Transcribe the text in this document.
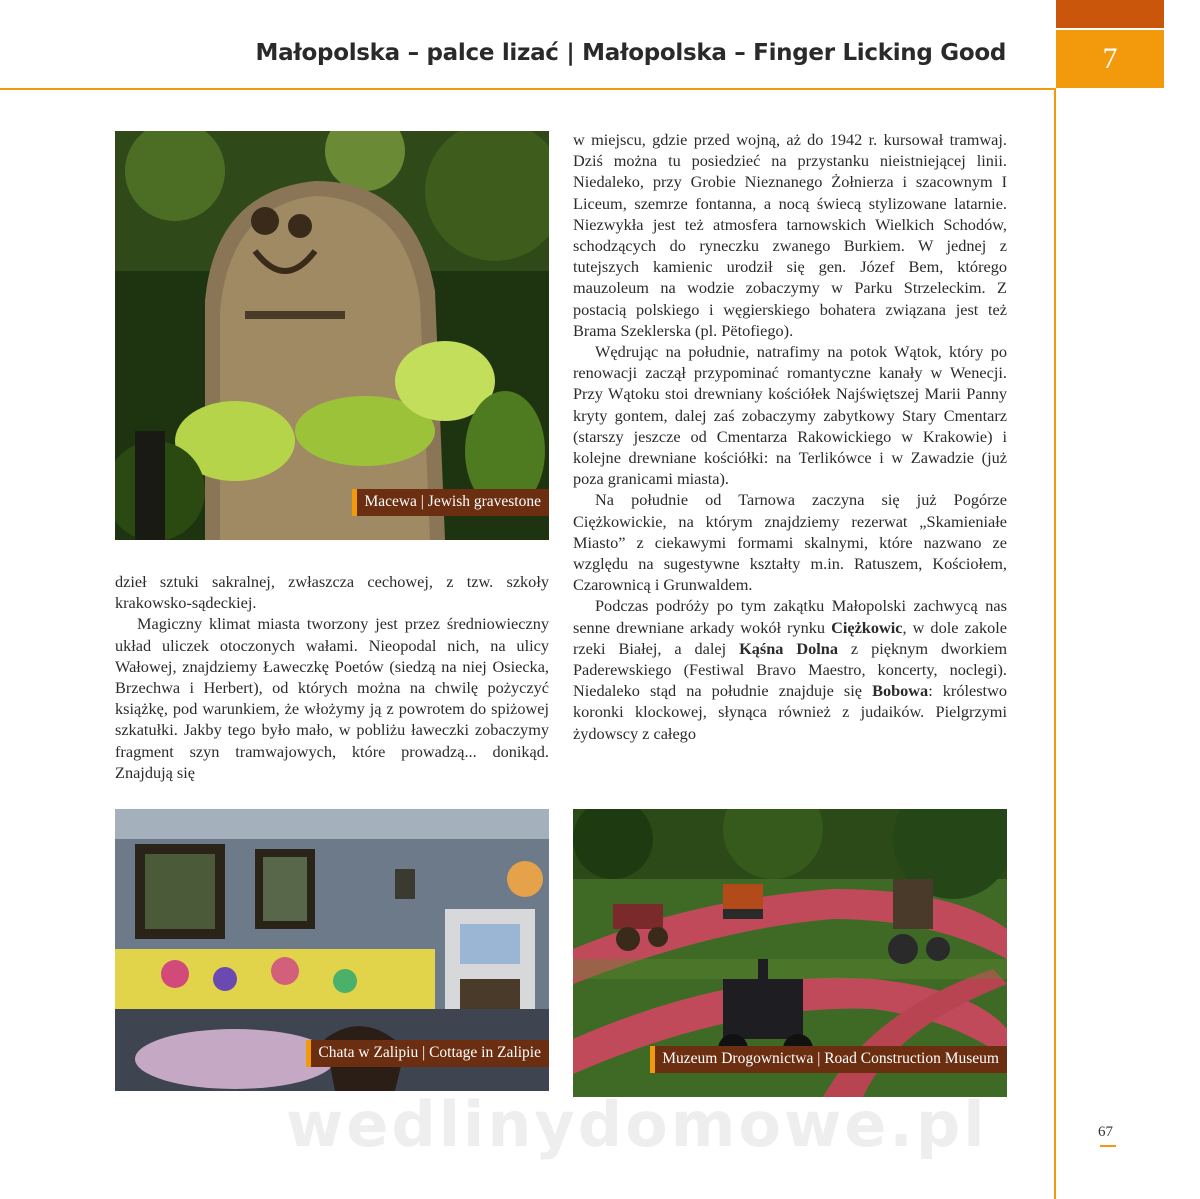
7
Małopolska – palce lizać | Małopolska – Finger Licking Good
Macewa | Jewish gravestone
Chata w Zalipiu | Cottage in Zalipie	Muzeum Drogownictwa | Road Construction Museum

dzieł sztuki sakralnej, zwłaszcza cechowej, z tzw. szkoły krakowsko-sądeckiej.

Magiczny klimat miasta tworzony jest przez średniowieczny układ uliczek otoczonych wałami. Nieopodal nich, na ulicy Wałowej, znajdziemy Ławeczkę Poetów (siedzą na niej Osiecka, Brzechwa i Herbert), od których można na chwilę pożyczyć książkę, pod warunkiem, że włożymy ją z powrotem do spiżowej szkatułki. Jakby tego było mało, w pobliżu ławeczki zobaczymy fragment szyn tramwajowych, które prowadzą... donikąd. Znajdują się

w miejscu, gdzie przed wojną, aż do 1942 r. kursował tramwaj. Dziś można tu posiedzieć na przystanku nieistniejącej linii. Niedaleko, przy Grobie Nieznanego Żołnierza i szacownym I Liceum, szemrze fontanna, a nocą świecą stylizowane latarnie. Niezwykła jest też atmosfera tarnowskich Wielkich Schodów, schodzących do ryneczku zwanego Burkiem. W jednej z tutejszych kamienic urodził się gen. Józef Bem, którego mauzoleum na wodzie zobaczymy w Parku Strzeleckim. Z postacią polskiego i węgierskiego bohatera związana jest też Brama Szeklerska (pl. Pëtofiego).

Wędrując na południe, natrafimy na potok Wątok, który po renowacji zaczął przypominać romantyczne kanały w Wenecji. Przy Wątoku stoi drewniany kościółek Najświętszej Marii Panny kryty gontem, dalej zaś zobaczymy zabytkowy Stary Cmentarz (starszy jeszcze od Cmentarza Rakowickiego w Krakowie) i kolejne drewniane kościółki: na Terlikówce i w Zawadzie (już poza granicami miasta).

Na południe od Tarnowa zaczyna się już Pogórze Ciężkowickie, na którym znajdziemy rezerwat „Skamieniałe Miasto” z ciekawymi formami skalnymi, które nazwano ze względu na sugestywne kształty m.in. Ratuszem, Kościołem, Czarownicą i Grunwaldem.

Podczas podróży po tym zakątku Małopolski zachwycą nas senne drewniane arkady wokół rynku Ciężkowic, w dole zakole rzeki Białej, a dalej Kąśna Dolna z pięknym dworkiem Paderewskiego (Festiwal Bravo Maestro, koncerty, noclegi). Niedaleko stąd na południe znajduje się Bobowa: królestwo koronki klockowej, słynąca również z judaików. Pielgrzymi żydowscy z całego

wedlinydomowe.pl	67
